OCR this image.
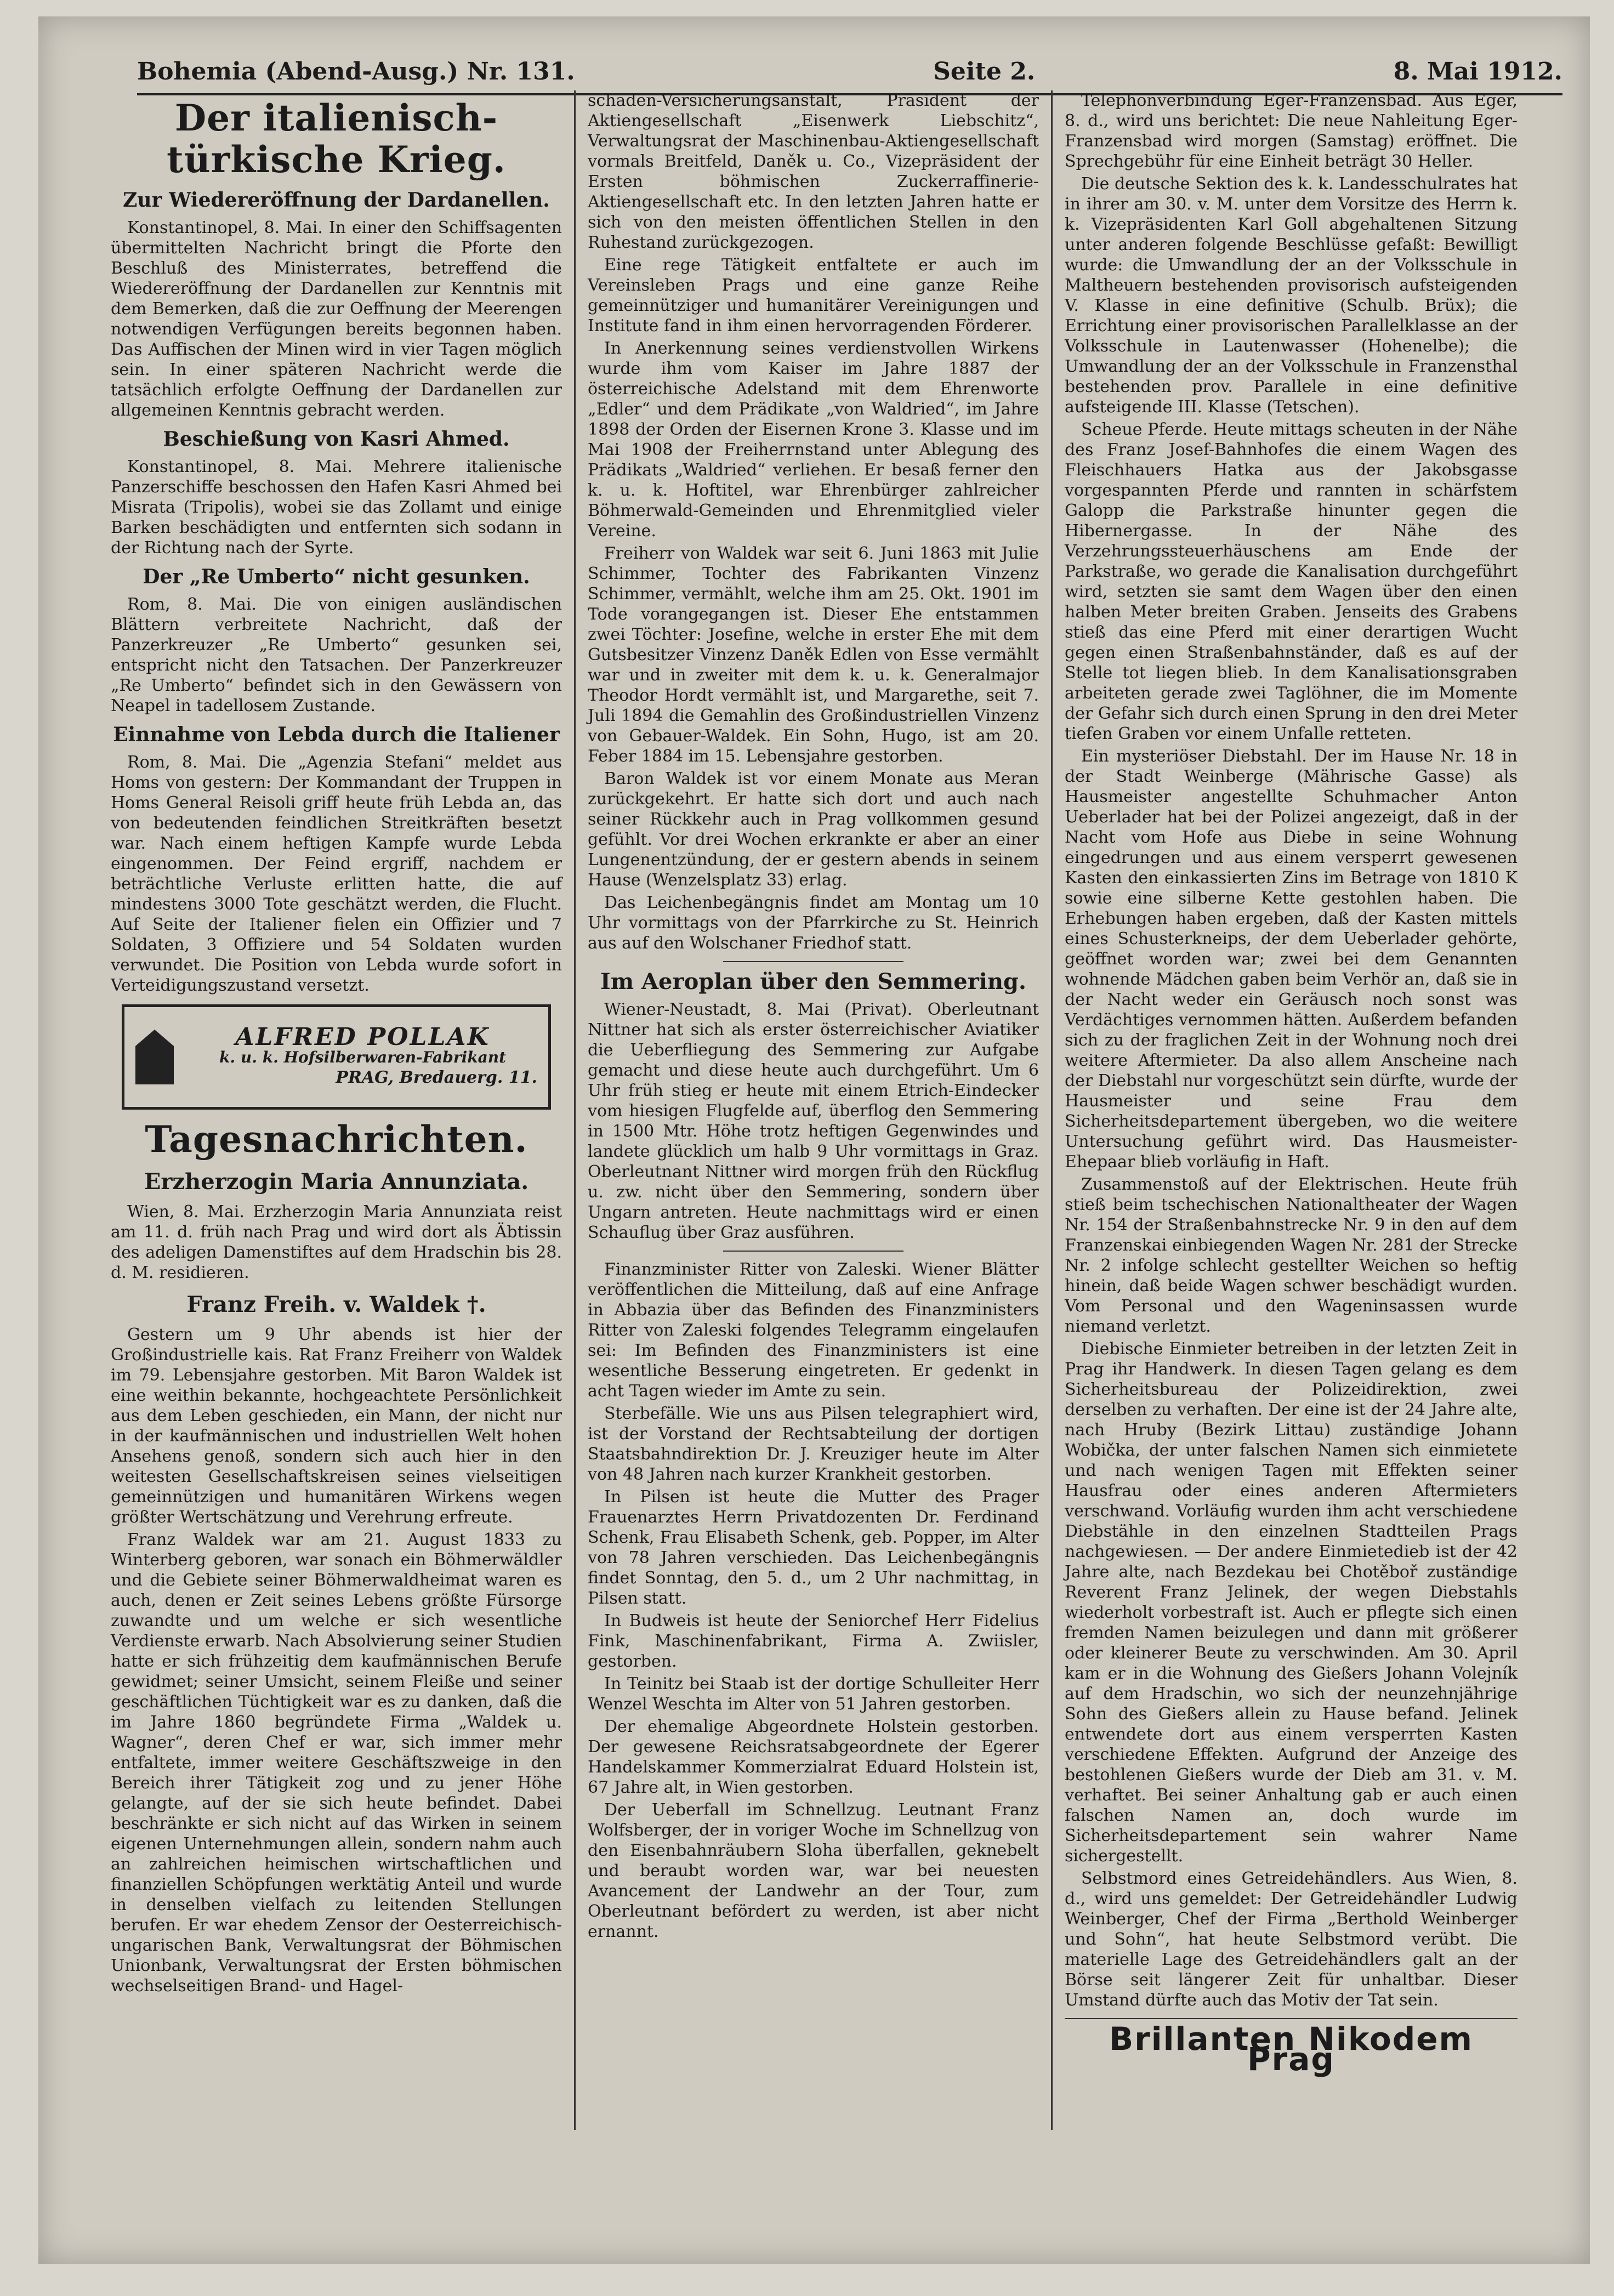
Bohemia (Abend-Ausg.) Nr. 131.	Seite 2.	8. Mai 1912.
Der italienisch-türkische Krieg.
Zur Wiedereröffnung der Dardanellen.

Konstantinopel, 8. Mai. In einer den Schiffsagenten übermittelten Nachricht bringt die Pforte den Beschluß des Ministerrates, betreffend die Wiedereröffnung der Dardanellen zur Kenntnis mit dem Bemerken, daß die zur Oeffnung der Meerengen notwendigen Verfügungen bereits begonnen haben. Das Auffischen der Minen wird in vier Tagen möglich sein. In einer späteren Nachricht werde die tatsächlich erfolgte Oeffnung der Dardanellen zur allgemeinen Kenntnis gebracht werden.

Beschießung von Kasri Ahmed.

Konstantinopel, 8. Mai. Mehrere italienische Panzerschiffe beschossen den Hafen Kasri Ahmed bei Misrata (Tripolis), wobei sie das Zollamt und einige Barken beschädigten und entfernten sich sodann in der Richtung nach der Syrte.

Der „Re Umberto“ nicht gesunken.

Rom, 8. Mai. Die von einigen ausländischen Blättern verbreitete Nachricht, daß der Panzerkreuzer „Re Umberto“ gesunken sei, entspricht nicht den Tatsachen. Der Panzerkreuzer „Re Umberto“ befindet sich in den Gewässern von Neapel in tadellosem Zustande.

Einnahme von Lebda durch die Italiener

Rom, 8. Mai. Die „Agenzia Stefani“ meldet aus Homs von gestern: Der Kommandant der Truppen in Homs General Reisoli griff heute früh Lebda an, das von bedeutenden feindlichen Streitkräften besetzt war. Nach einem heftigen Kampfe wurde Lebda eingenommen. Der Feind ergriff, nachdem er beträchtliche Verluste erlitten hatte, die auf mindestens 3000 Tote geschätzt werden, die Flucht. Auf Seite der Italiener fielen ein Offizier und 7 Soldaten, 3 Offiziere und 54 Soldaten wurden verwundet. Die Position von Lebda wurde sofort in Verteidigungszustand versetzt.

ALFRED POLLAK
k. u. k. Hofsilberwaren-Fabrikant
PRAG, Bredauerg. 11.
Tagesnachrichten.
Erzherzogin Maria Annunziata.

Wien, 8. Mai. Erzherzogin Maria Annunziata reist am 11. d. früh nach Prag und wird dort als Äbtissin des adeligen Damenstiftes auf dem Hradschin bis 28. d. M. residieren.

Franz Freih. v. Waldek †.

Gestern um 9 Uhr abends ist hier der Großindustrielle kais. Rat Franz Freiherr von Waldek im 79. Lebensjahre gestorben. Mit Baron Waldek ist eine weithin bekannte, hochgeachtete Persönlichkeit aus dem Leben geschieden, ein Mann, der nicht nur in der kaufmännischen und industriellen Welt hohen Ansehens genoß, sondern sich auch hier in den weitesten Gesellschaftskreisen seines vielseitigen gemeinnützigen und humanitären Wirkens wegen größter Wertschätzung und Verehrung erfreute.

Franz Waldek war am 21. August 1833 zu Winterberg geboren, war sonach ein Böhmerwäldler und die Gebiete seiner Böhmerwaldheimat waren es auch, denen er Zeit seines Lebens größte Fürsorge zuwandte und um welche er sich wesentliche Verdienste erwarb. Nach Absolvierung seiner Studien hatte er sich frühzeitig dem kaufmännischen Berufe gewidmet; seiner Umsicht, seinem Fleiße und seiner geschäftlichen Tüchtigkeit war es zu danken, daß die im Jahre 1860 begründete Firma „Waldek u. Wagner“, deren Chef er war, sich immer mehr entfaltete, immer weitere Geschäftszweige in den Bereich ihrer Tätigkeit zog und zu jener Höhe gelangte, auf der sie sich heute befindet. Dabei beschränkte er sich nicht auf das Wirken in seinem eigenen Unternehmungen allein, sondern nahm auch an zahlreichen heimischen wirtschaftlichen und finanziellen Schöpfungen werktätig Anteil und wurde in denselben vielfach zu leitenden Stellungen berufen. Er war ehedem Zensor der Oesterreichisch-ungarischen Bank, Verwaltungsrat der Böhmischen Unionbank, Verwaltungsrat der Ersten böhmischen wechselseitigen Brand- und Hagel-

schaden-Versicherungsanstalt, Präsident der Aktiengesellschaft „Eisenwerk Liebschitz“, Verwaltungsrat der Maschinenbau-Aktiengesellschaft vormals Breitfeld, Daněk u. Co., Vizepräsident der Ersten böhmischen Zuckerraffinerie-Aktiengesellschaft etc. In den letzten Jahren hatte er sich von den meisten öffentlichen Stellen in den Ruhestand zurückgezogen.

Eine rege Tätigkeit entfaltete er auch im Vereinsleben Prags und eine ganze Reihe gemeinnütziger und humanitärer Vereinigungen und Institute fand in ihm einen hervorragenden Förderer.

In Anerkennung seines verdienstvollen Wirkens wurde ihm vom Kaiser im Jahre 1887 der österreichische Adelstand mit dem Ehrenworte „Edler“ und dem Prädikate „von Waldried“, im Jahre 1898 der Orden der Eisernen Krone 3. Klasse und im Mai 1908 der Freiherrnstand unter Ablegung des Prädikats „Waldried“ verliehen. Er besaß ferner den k. u. k. Hoftitel, war Ehrenbürger zahlreicher Böhmerwald-Gemeinden und Ehrenmitglied vieler Vereine.

Freiherr von Waldek war seit 6. Juni 1863 mit Julie Schimmer, Tochter des Fabrikanten Vinzenz Schimmer, vermählt, welche ihm am 25. Okt. 1901 im Tode vorangegangen ist. Dieser Ehe entstammen zwei Töchter: Josefine, welche in erster Ehe mit dem Gutsbesitzer Vinzenz Daněk Edlen von Esse vermählt war und in zweiter mit dem k. u. k. Generalmajor Theodor Hordt vermählt ist, und Margarethe, seit 7. Juli 1894 die Gemahlin des Großindustriellen Vinzenz von Gebauer-Waldek. Ein Sohn, Hugo, ist am 20. Feber 1884 im 15. Lebensjahre gestorben.

Baron Waldek ist vor einem Monate aus Meran zurückgekehrt. Er hatte sich dort und auch nach seiner Rückkehr auch in Prag vollkommen gesund gefühlt. Vor drei Wochen erkrankte er aber an einer Lungenentzündung, der er gestern abends in seinem Hause (Wenzelsplatz 33) erlag.

Das Leichenbegängnis findet am Montag um 10 Uhr vormittags von der Pfarrkirche zu St. Heinrich aus auf den Wolschaner Friedhof statt.

Im Aeroplan über den Semmering.

Wiener-Neustadt, 8. Mai (Privat). Oberleutnant Nittner hat sich als erster österreichischer Aviatiker die Ueberfliegung des Semmering zur Aufgabe gemacht und diese heute auch durchgeführt. Um 6 Uhr früh stieg er heute mit einem Etrich-Eindecker vom hiesigen Flugfelde auf, überflog den Semmering in 1500 Mtr. Höhe trotz heftigen Gegenwindes und landete glücklich um halb 9 Uhr vormittags in Graz. Oberleutnant Nittner wird morgen früh den Rückflug u. zw. nicht über den Semmering, sondern über Ungarn antreten. Heute nachmittags wird er einen Schauflug über Graz ausführen.

Finanzminister Ritter von Zaleski. Wiener Blätter veröffentlichen die Mitteilung, daß auf eine Anfrage in Abbazia über das Befinden des Finanzministers Ritter von Zaleski folgendes Telegramm eingelaufen sei: Im Befinden des Finanzministers ist eine wesentliche Besserung eingetreten. Er gedenkt in acht Tagen wieder im Amte zu sein.

Sterbefälle. Wie uns aus Pilsen telegraphiert wird, ist der Vorstand der Rechtsabteilung der dortigen Staatsbahndirektion Dr. J. Kreuziger heute im Alter von 48 Jahren nach kurzer Krankheit gestorben.

In Pilsen ist heute die Mutter des Prager Frauenarztes Herrn Privatdozenten Dr. Ferdinand Schenk, Frau Elisabeth Schenk, geb. Popper, im Alter von 78 Jahren verschieden. Das Leichenbegängnis findet Sonntag, den 5. d., um 2 Uhr nachmittag, in Pilsen statt.

In Budweis ist heute der Seniorchef Herr Fidelius Fink, Maschinenfabrikant, Firma A. Zwiisler, gestorben.

In Teinitz bei Staab ist der dortige Schulleiter Herr Wenzel Weschta im Alter von 51 Jahren gestorben.

Der ehemalige Abgeordnete Holstein gestorben. Der gewesene Reichsratsabgeordnete der Egerer Handelskammer Kommerzialrat Eduard Holstein ist, 67 Jahre alt, in Wien gestorben.

Der Ueberfall im Schnellzug. Leutnant Franz Wolfsberger, der in voriger Woche im Schnellzug von den Eisenbahnräubern Sloha überfallen, geknebelt und beraubt worden war, war bei neuesten Avancement der Landwehr an der Tour, zum Oberleutnant befördert zu werden, ist aber nicht ernannt.

Telephonverbindung Eger-Franzensbad. Aus Eger, 8. d., wird uns berichtet: Die neue Nahleitung Eger-Franzensbad wird morgen (Samstag) eröffnet. Die Sprechgebühr für eine Einheit beträgt 30 Heller.

Die deutsche Sektion des k. k. Landesschulrates hat in ihrer am 30. v. M. unter dem Vorsitze des Herrn k. k. Vizepräsidenten Karl Goll abgehaltenen Sitzung unter anderen folgende Beschlüsse gefaßt: Bewilligt wurde: die Umwandlung der an der Volksschule in Maltheuern bestehenden provisorisch aufsteigenden V. Klasse in eine definitive (Schulb. Brüx); die Errichtung einer provisorischen Parallelklasse an der Volksschule in Lautenwasser (Hohenelbe); die Umwandlung der an der Volksschule in Franzensthal bestehenden prov. Parallele in eine definitive aufsteigende III. Klasse (Tetschen).

Scheue Pferde. Heute mittags scheuten in der Nähe des Franz Josef-Bahnhofes die einem Wagen des Fleischhauers Hatka aus der Jakobsgasse vorgespannten Pferde und rannten in schärfstem Galopp die Parkstraße hinunter gegen die Hibernergasse. In der Nähe des Verzehrungssteuerhäuschens am Ende der Parkstraße, wo gerade die Kanalisation durchgeführt wird, setzten sie samt dem Wagen über den einen halben Meter breiten Graben. Jenseits des Grabens stieß das eine Pferd mit einer derartigen Wucht gegen einen Straßenbahnständer, daß es auf der Stelle tot liegen blieb. In dem Kanalisationsgraben arbeiteten gerade zwei Taglöhner, die im Momente der Gefahr sich durch einen Sprung in den drei Meter tiefen Graben vor einem Unfalle retteten.

Ein mysteriöser Diebstahl. Der im Hause Nr. 18 in der Stadt Weinberge (Mährische Gasse) als Hausmeister angestellte Schuhmacher Anton Ueberlader hat bei der Polizei angezeigt, daß in der Nacht vom Hofe aus Diebe in seine Wohnung eingedrungen und aus einem versperrt gewesenen Kasten den einkassierten Zins im Betrage von 1810 K sowie eine silberne Kette gestohlen haben. Die Erhebungen haben ergeben, daß der Kasten mittels eines Schusterkneips, der dem Ueberlader gehörte, geöffnet worden war; zwei bei dem Genannten wohnende Mädchen gaben beim Verhör an, daß sie in der Nacht weder ein Geräusch noch sonst was Verdächtiges vernommen hätten. Außerdem befanden sich zu der fraglichen Zeit in der Wohnung noch drei weitere Aftermieter. Da also allem Anscheine nach der Diebstahl nur vorgeschützt sein dürfte, wurde der Hausmeister und seine Frau dem Sicherheitsdepartement übergeben, wo die weitere Untersuchung geführt wird. Das Hausmeister-Ehepaar blieb vorläufig in Haft.

Zusammenstoß auf der Elektrischen. Heute früh stieß beim tschechischen Nationaltheater der Wagen Nr. 154 der Straßenbahnstrecke Nr. 9 in den auf dem Franzenskai einbiegenden Wagen Nr. 281 der Strecke Nr. 2 infolge schlecht gestellter Weichen so heftig hinein, daß beide Wagen schwer beschädigt wurden. Vom Personal und den Wageninsassen wurde niemand verletzt.

Diebische Einmieter betreiben in der letzten Zeit in Prag ihr Handwerk. In diesen Tagen gelang es dem Sicherheitsbureau der Polizeidirektion, zwei derselben zu verhaften. Der eine ist der 24 Jahre alte, nach Hruby (Bezirk Littau) zuständige Johann Wobička, der unter falschen Namen sich einmietete und nach wenigen Tagen mit Effekten seiner Hausfrau oder eines anderen Aftermieters verschwand. Vorläufig wurden ihm acht verschiedene Diebstähle in den einzelnen Stadtteilen Prags nachgewiesen. — Der andere Einmietedieb ist der 42 Jahre alte, nach Bezdekau bei Chotěboř zuständige Reverent Franz Jelinek, der wegen Diebstahls wiederholt vorbestraft ist. Auch er pflegte sich einen fremden Namen beizulegen und dann mit größerer oder kleinerer Beute zu verschwinden. Am 30. April kam er in die Wohnung des Gießers Johann Volejník auf dem Hradschin, wo sich der neunzehnjährige Sohn des Gießers allein zu Hause befand. Jelinek entwendete dort aus einem versperrten Kasten verschiedene Effekten. Aufgrund der Anzeige des bestohlenen Gießers wurde der Dieb am 31. v. M. verhaftet. Bei seiner Anhaltung gab er auch einen falschen Namen an, doch wurde im Sicherheitsdepartement sein wahrer Name sichergestellt.

Selbstmord eines Getreidehändlers. Aus Wien, 8. d., wird uns gemeldet: Der Getreidehändler Ludwig Weinberger, Chef der Firma „Berthold Weinberger und Sohn“, hat heute Selbstmord verübt. Die materielle Lage des Getreidehändlers galt an der Börse seit längerer Zeit für unhaltbar. Dieser Umstand dürfte auch das Motiv der Tat sein.

Brillanten Nikodem Prag
